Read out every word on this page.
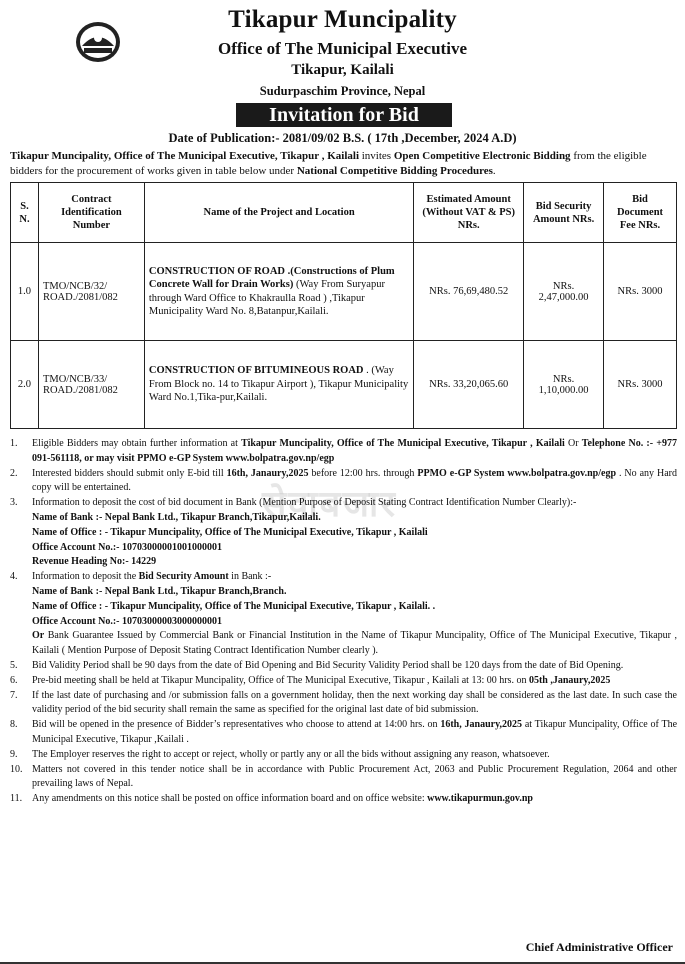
Tikapur Muncipality
Office of The Municipal Executive
Tikapur, Kailali
Sudurpaschim Province, Nepal
Invitation for Bid
Date of Publication:- 2081/09/02 B.S. ( 17th ,December, 2024 A.D)
सेवाबजार
Tikapur Muncipality, Office of The Municipal Executive, Tikapur , Kailali invites Open Competitive Electronic Bidding from the eligible bidders for the procurement of works given in table below under National Competitive Bidding Procedures.
S. N.	Contract Identification Number	Name of the Project and Location	Estimated Amount (Without VAT & PS) NRs.	Bid Security Amount NRs.	Bid Document Fee NRs.
1.0	TMO/NCB/32/ ROAD./2081/082	CONSTRUCTION OF ROAD .(Constructions of Plum Concrete Wall for Drain Works) (Way From Suryapur through Ward Office to Khakraulla Road ) ,Tikapur Municipality Ward No. 8,Batanpur,Kailali.	NRs. 76,69,480.52	NRs. 2,47,000.00	NRs. 3000
2.0	TMO/NCB/33/ ROAD./2081/082	CONSTRUCTION OF BITUMINEOUS ROAD . (Way From Block no. 14 to Tikapur Airport ), Tikapur Municipality Ward No.1,Tika-pur,Kailali.	NRs. 33,20,065.60	NRs. 1,10,000.00	NRs. 3000
1.	Eligible Bidders may obtain further information at Tikapur Muncipality, Office of The Municipal Executive, Tikapur , Kailali Or Telephone No. :- +977 091-561118, or may visit PPMO e-GP System www.bolpatra.gov.np/egp
2.	Interested bidders should submit only E-bid till 16th, Janaury,2025 before 12:00 hrs. through PPMO e-GP System www.bolpatra.gov.np/egp . No any Hard copy will be entertained.
3.	Information to deposit the cost of bid document in Bank (Mention Purpose of Deposit Stating Contract Identification Number Clearly):-
Name of Bank :- Nepal Bank Ltd., Tikapur Branch,Tikapur,Kailali.
Name of Office : - Tikapur Muncipality, Office of The Municipal Executive, Tikapur , Kailali
Office Account No.:- 10703000001001000001
Revenue Heading No:- 14229
4.	Information to deposit the Bid Security Amount in Bank :-
Name of Bank :- Nepal Bank Ltd., Tikapur Branch,Branch.
Name of Office : - Tikapur Muncipality, Office of The Municipal Executive, Tikapur , Kailali. .
Office Account No.:- 10703000003000000001
Or Bank Guarantee Issued by Commercial Bank or Financial Institution in the Name of Tikapur Muncipality, Office of The Municipal Executive, Tikapur , Kailali ( Mention Purpose of Deposit Stating Contract Identification Number clearly ).
5.	Bid Validity Period shall be 90 days from the date of Bid Opening and Bid Security Validity Period shall be 120 days from the date of Bid Opening.
6.	Pre-bid meeting shall be held at Tikapur Muncipality, Office of The Municipal Executive, Tikapur , Kailali at 13: 00 hrs. on 05th ,Janaury,2025
7.	If the last date of purchasing and /or submission falls on a government holiday, then the next working day shall be considered as the last date. In such case the validity period of the bid security shall remain the same as specified for the original last date of bid submission.
8.	Bid will be opened in the presence of Bidder’s representatives who choose to attend at 14:00 hrs. on 16th, Janaury,2025 at Tikapur Muncipality, Office of The Municipal Executive, Tikapur ,Kailali .
9.	The Employer reserves the right to accept or reject, wholly or partly any or all the bids without assigning any reason, whatsoever.
10. Matters not covered in this tender notice shall be in accordance with Public Procurement Act, 2063 and Public Procurement Regulation, 2064 and other prevailing laws of Nepal.
11. Any amendments on this notice shall be posted on office information board and on office website: www.tikapurmun.gov.np
Chief Administrative Officer
